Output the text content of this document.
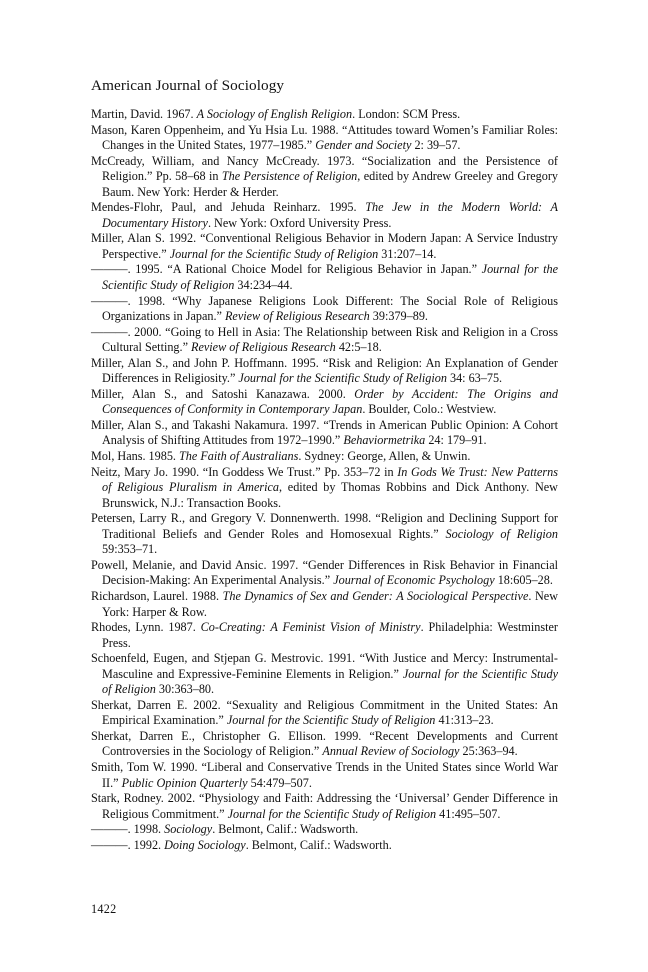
American Journal of Sociology
Martin, David. 1967. A Sociology of English Religion. London: SCM Press.
Mason, Karen Oppenheim, and Yu Hsia Lu. 1988. “Attitudes toward Women’s Familiar Roles: Changes in the United States, 1977–1985.” Gender and Society 2: 39–57.
McCready, William, and Nancy McCready. 1973. “Socialization and the Persistence of Religion.” Pp. 58–68 in The Persistence of Religion, edited by Andrew Greeley and Gregory Baum. New York: Herder & Herder.
Mendes-Flohr, Paul, and Jehuda Reinharz. 1995. The Jew in the Modern World: A Documentary History. New York: Oxford University Press.
Miller, Alan S. 1992. “Conventional Religious Behavior in Modern Japan: A Service Industry Perspective.” Journal for the Scientific Study of Religion 31:207–14.
———. 1995. “A Rational Choice Model for Religious Behavior in Japan.” Journal for the Scientific Study of Religion 34:234–44.
———. 1998. “Why Japanese Religions Look Different: The Social Role of Religious Organizations in Japan.” Review of Religious Research 39:379–89.
———. 2000. “Going to Hell in Asia: The Relationship between Risk and Religion in a Cross Cultural Setting.” Review of Religious Research 42:5–18.
Miller, Alan S., and John P. Hoffmann. 1995. “Risk and Religion: An Explanation of Gender Differences in Religiosity.” Journal for the Scientific Study of Religion 34: 63–75.
Miller, Alan S., and Satoshi Kanazawa. 2000. Order by Accident: The Origins and Consequences of Conformity in Contemporary Japan. Boulder, Colo.: Westview.
Miller, Alan S., and Takashi Nakamura. 1997. “Trends in American Public Opinion: A Cohort Analysis of Shifting Attitudes from 1972–1990.” Behaviormetrika 24: 179–91.
Mol, Hans. 1985. The Faith of Australians. Sydney: George, Allen, & Unwin.
Neitz, Mary Jo. 1990. “In Goddess We Trust.” Pp. 353–72 in In Gods We Trust: New Patterns of Religious Pluralism in America, edited by Thomas Robbins and Dick Anthony. New Brunswick, N.J.: Transaction Books.
Petersen, Larry R., and Gregory V. Donnenwerth. 1998. “Religion and Declining Support for Traditional Beliefs and Gender Roles and Homosexual Rights.” Sociology of Religion 59:353–71.
Powell, Melanie, and David Ansic. 1997. “Gender Differences in Risk Behavior in Financial Decision-Making: An Experimental Analysis.” Journal of Economic Psychology 18:605–28.
Richardson, Laurel. 1988. The Dynamics of Sex and Gender: A Sociological Perspective. New York: Harper & Row.
Rhodes, Lynn. 1987. Co-Creating: A Feminist Vision of Ministry. Philadelphia: Westminster Press.
Schoenfeld, Eugen, and Stjepan G. Mestrovic. 1991. “With Justice and Mercy: Instrumental-Masculine and Expressive-Feminine Elements in Religion.” Journal for the Scientific Study of Religion 30:363–80.
Sherkat, Darren E. 2002. “Sexuality and Religious Commitment in the United States: An Empirical Examination.” Journal for the Scientific Study of Religion 41:313–23.
Sherkat, Darren E., Christopher G. Ellison. 1999. “Recent Developments and Current Controversies in the Sociology of Religion.” Annual Review of Sociology 25:363–94.
Smith, Tom W. 1990. “Liberal and Conservative Trends in the United States since World War II.” Public Opinion Quarterly 54:479–507.
Stark, Rodney. 2002. “Physiology and Faith: Addressing the ‘Universal’ Gender Difference in Religious Commitment.” Journal for the Scientific Study of Religion 41:495–507.
———. 1998. Sociology. Belmont, Calif.: Wadsworth.
———. 1992. Doing Sociology. Belmont, Calif.: Wadsworth.
1422
